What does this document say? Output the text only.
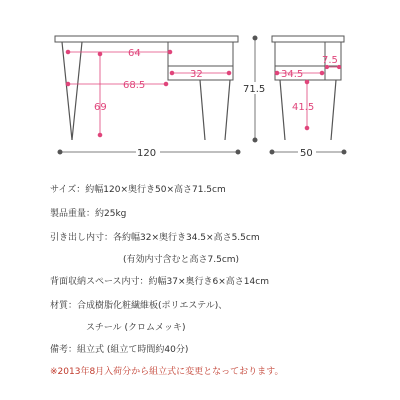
64
68.5
32
69
120
71.5
34.5
7.5
41.5
50
サイズ：約幅120×奥行き50×高さ71.5cm
製品重量：約25kg
引き出し内寸：各約幅32×奥行き34.5×高さ5.5cm
(有効内寸含むと高さ7.5cm)
背面収納スペース内寸：約幅37×奥行き6×高さ14cm
材質：合成樹脂化粧繊維板(ポリエステル)、
スチール (クロムメッキ)
備考：組立式 (組立て時間約40分)
※2013年8月入荷分から組立式に変更となっております。
